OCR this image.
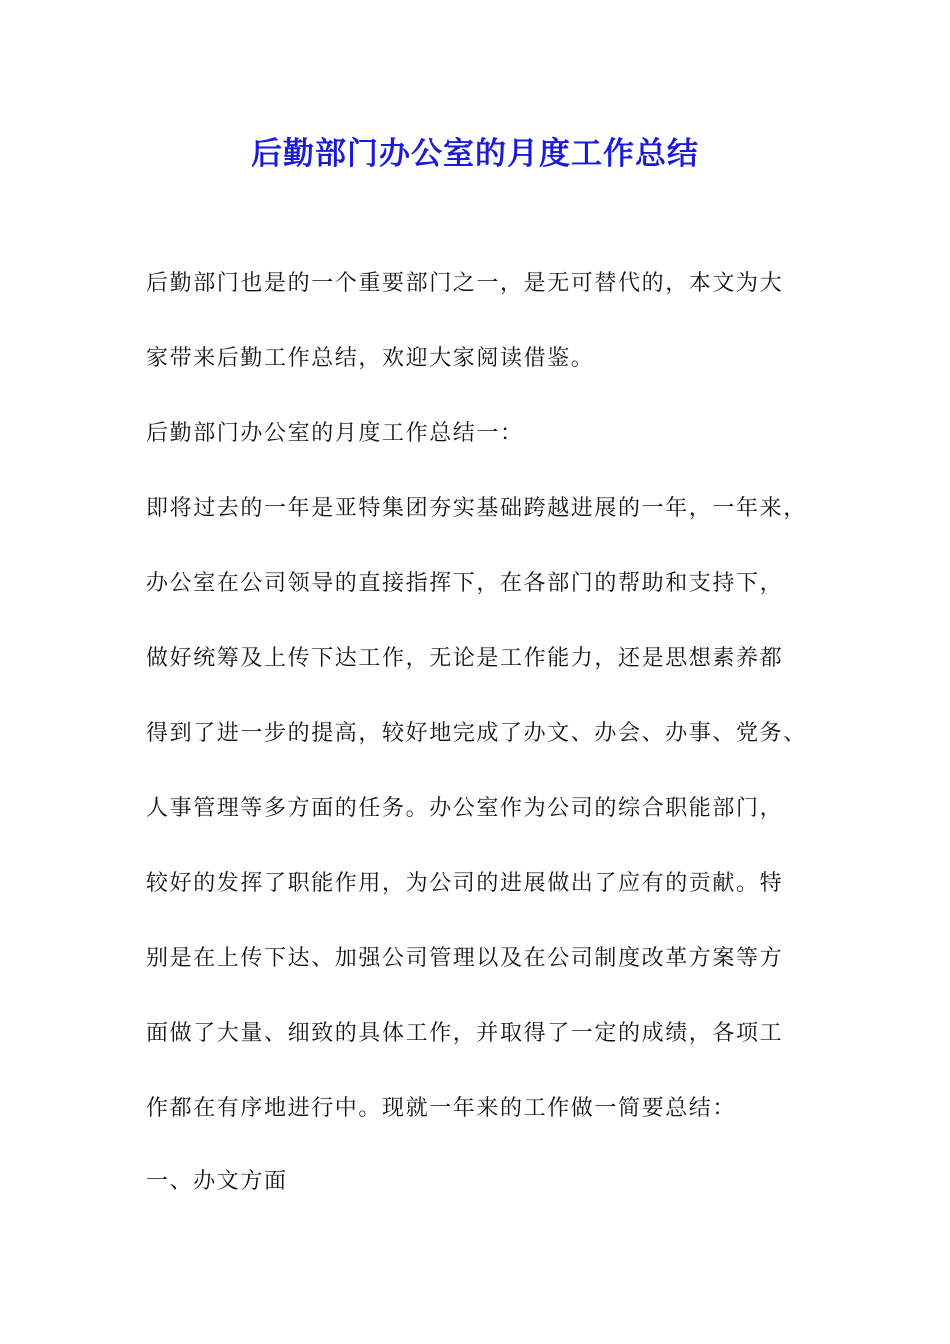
后勤部门办公室的月度工作总结
后勤部门也是的一个重要部门之一，是无可替代的，本文为大
家带来后勤工作总结，欢迎大家阅读借鉴。
后勤部门办公室的月度工作总结一：
即将过去的一年是亚特集团夯实基础跨越进展的一年，一年来，
办公室在公司领导的直接指挥下，在各部门的帮助和支持下，
做好统筹及上传下达工作，无论是工作能力，还是思想素养都
得到了进一步的提高，较好地完成了办文、办会、办事、党务、
人事管理等多方面的任务。办公室作为公司的综合职能部门，
较好的发挥了职能作用，为公司的进展做出了应有的贡献。特
别是在上传下达、加强公司管理以及在公司制度改革方案等方
面做了大量、细致的具体工作，并取得了一定的成绩，各项工
作都在有序地进行中。现就一年来的工作做一简要总结：
一、办文方面
